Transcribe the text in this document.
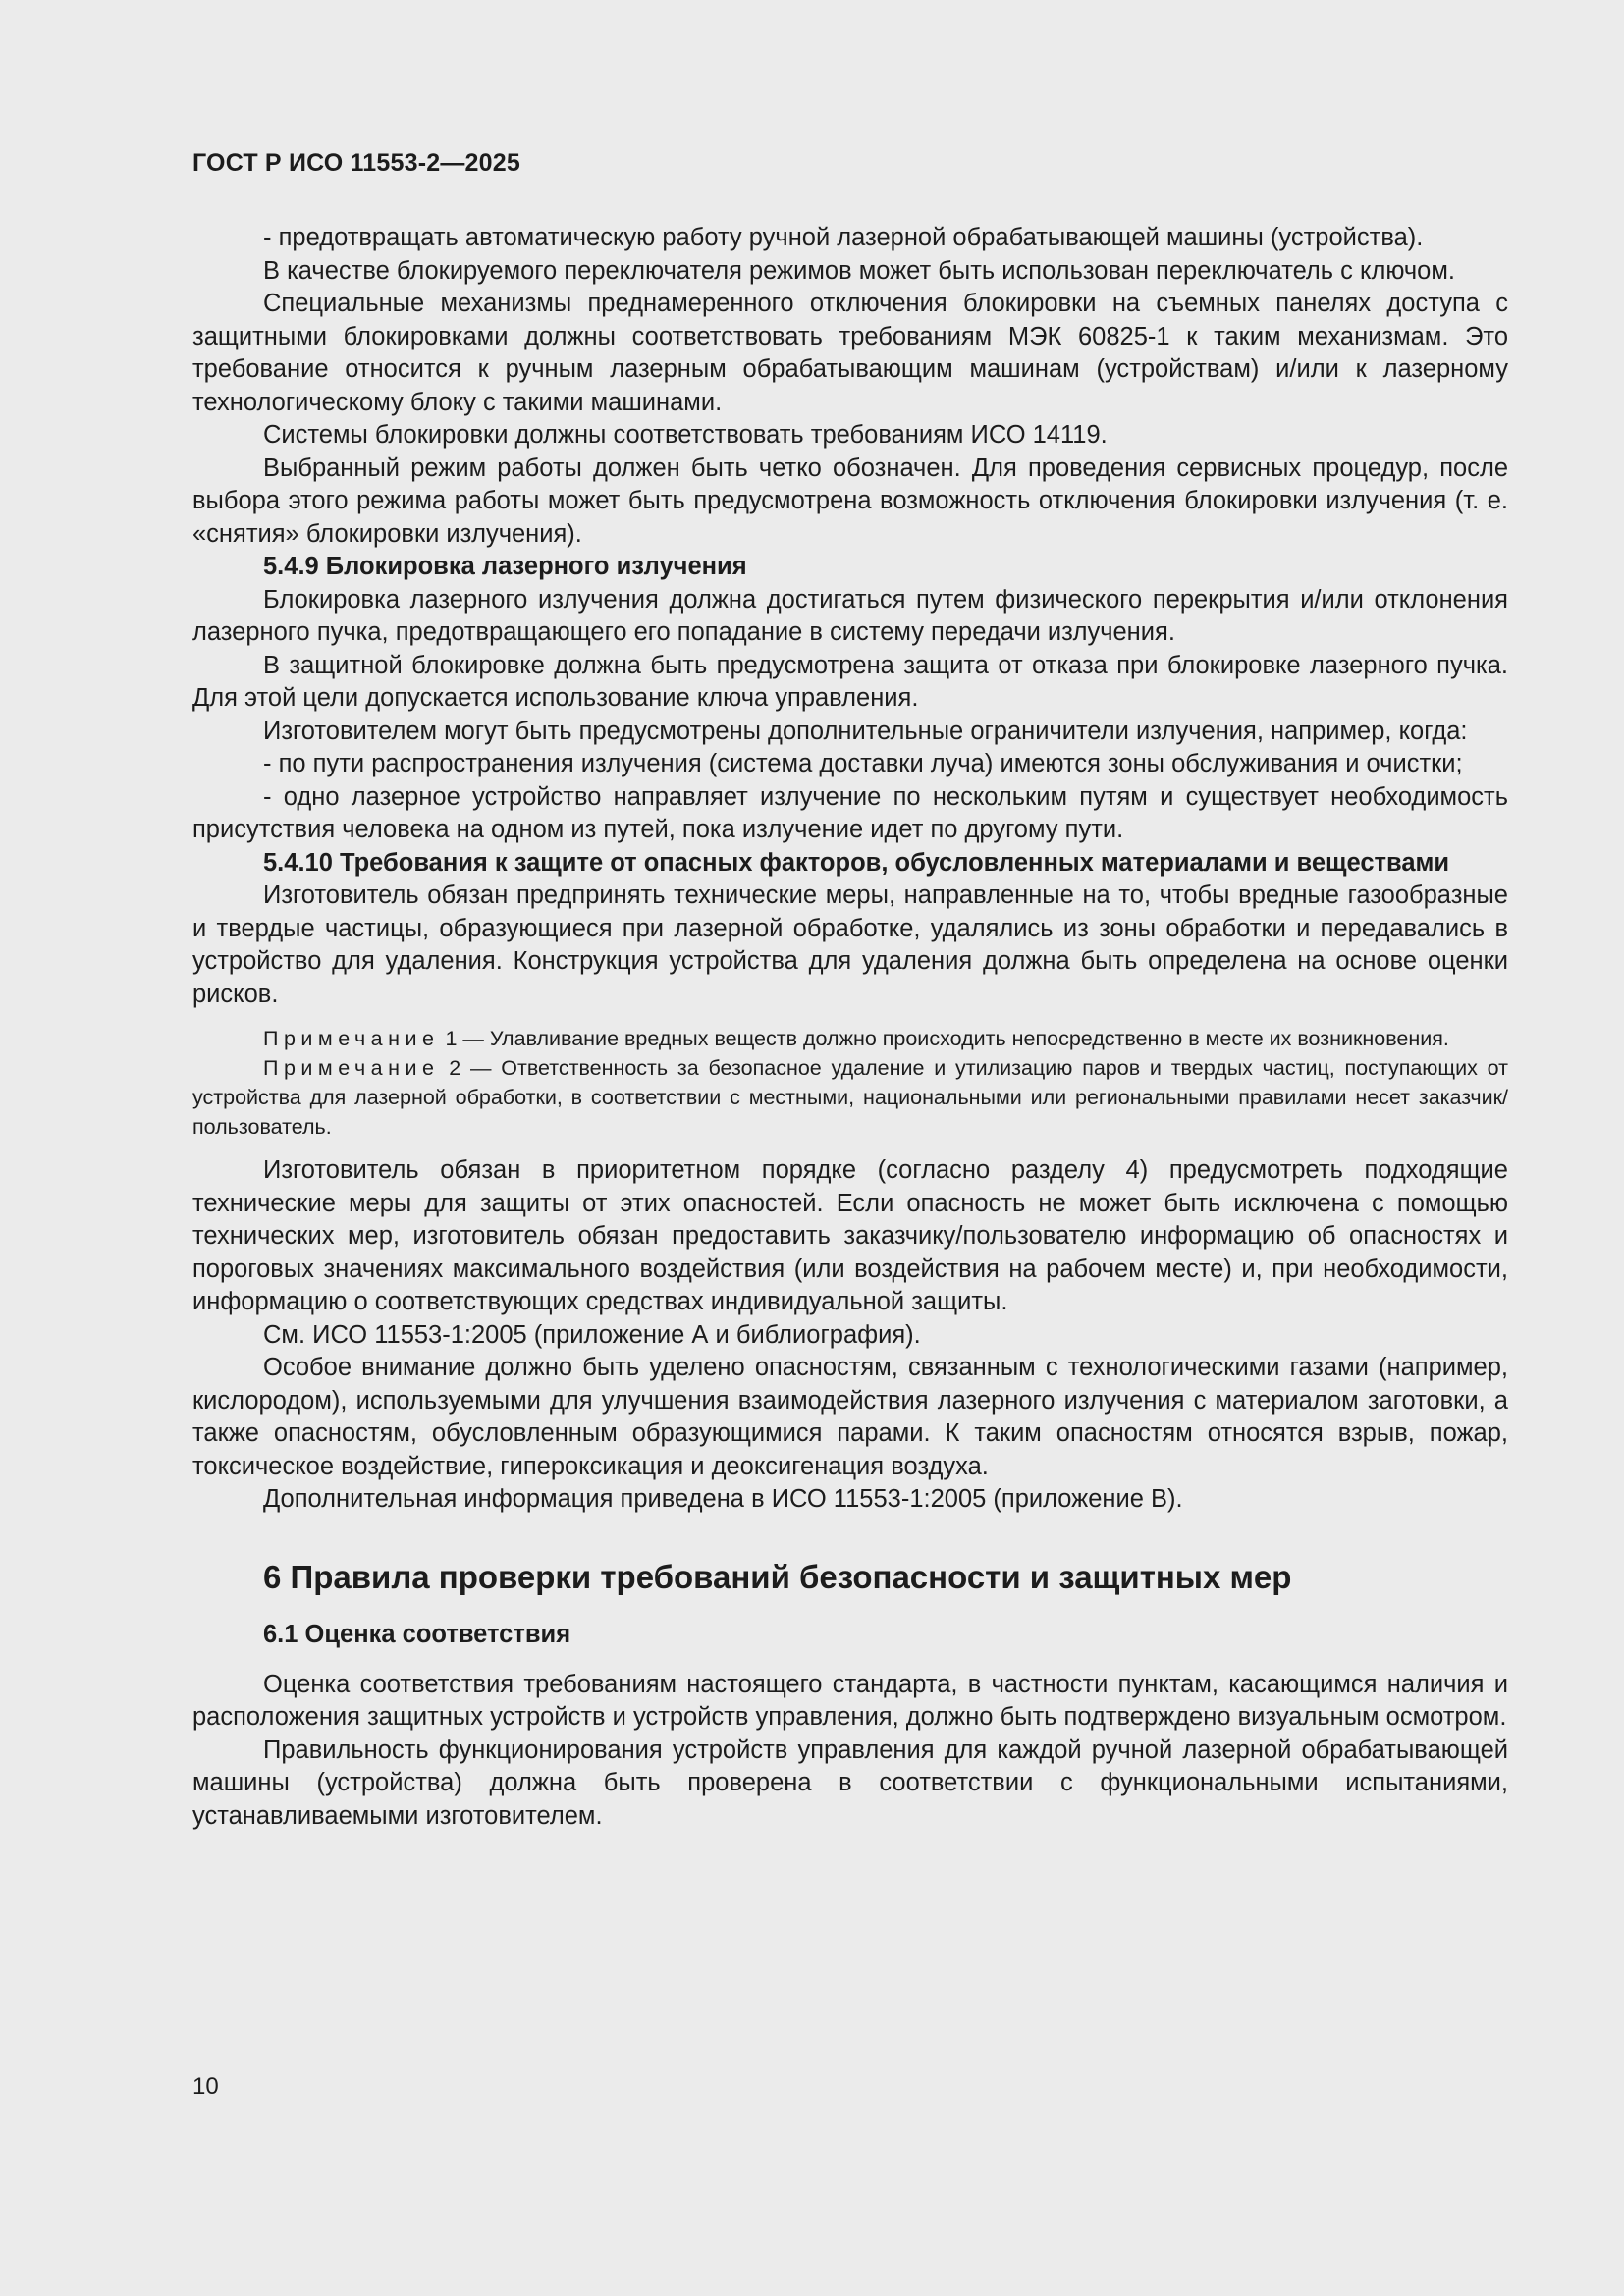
ГОСТ Р ИСО 11553-2—2025

- предотвращать автоматическую работу ручной лазерной обрабатывающей машины (устройства).

В качестве блокируемого переключателя режимов может быть использован переключатель с ключом.

Специальные механизмы преднамеренного отключения блокировки на съемных панелях доступа с защитными блокировками должны соответствовать требованиям МЭК 60825-1 к таким механизмам. Это требование относится к ручным лазерным обрабатывающим машинам (устройствам) и/или к лазерному технологическому блоку с такими машинами.

Системы блокировки должны соответствовать требованиям ИСО 14119.

Выбранный режим работы должен быть четко обозначен. Для проведения сервисных процедур, после выбора этого режима работы может быть предусмотрена возможность отключения блокировки излучения (т. е. «снятия» блокировки излучения).

5.4.9 Блокировка лазерного излучения

Блокировка лазерного излучения должна достигаться путем физического перекрытия и/или отклонения лазерного пучка, предотвращающего его попадание в систему передачи излучения.

В защитной блокировке должна быть предусмотрена защита от отказа при блокировке лазерного пучка. Для этой цели допускается использование ключа управления.

Изготовителем могут быть предусмотрены дополнительные ограничители излучения, например, когда:

- по пути распространения излучения (система доставки луча) имеются зоны обслуживания и очистки;

- одно лазерное устройство направляет излучение по нескольким путям и существует необходимость присутствия человека на одном из путей, пока излучение идет по другому пути.

5.4.10 Требования к защите от опасных факторов, обусловленных материалами и веществами

Изготовитель обязан предпринять технические меры, направленные на то, чтобы вредные газообразные и твердые частицы, образующиеся при лазерной обработке, удалялись из зоны обработки и передавались в устройство для удаления. Конструкция устройства для удаления должна быть определена на основе оценки рисков.

Примечание 1 — Улавливание вредных веществ должно происходить непосредственно в месте их возникновения.

Примечание 2 — Ответственность за безопасное удаление и утилизацию паров и твердых частиц, поступающих от устройства для лазерной обработки, в соответствии с местными, национальными или региональными правилами несет заказчик/пользователь.

Изготовитель обязан в приоритетном порядке (согласно разделу 4) предусмотреть подходящие технические меры для защиты от этих опасностей. Если опасность не может быть исключена с помощью технических мер, изготовитель обязан предоставить заказчику/пользователю информацию об опасностях и пороговых значениях максимального воздействия (или воздействия на рабочем месте) и, при необходимости, информацию о соответствующих средствах индивидуальной защиты.

См. ИСО 11553-1:2005 (приложение А и библиография).

Особое внимание должно быть уделено опасностям, связанным с технологическими газами (например, кислородом), используемыми для улучшения взаимодействия лазерного излучения с материалом заготовки, а также опасностям, обусловленным образующимися парами. К таким опасностям относятся взрыв, пожар, токсическое воздействие, гипероксикация и деоксигенация воздуха.

Дополнительная информация приведена в ИСО 11553-1:2005 (приложение В).

6 Правила проверки требований безопасности и защитных мер
6.1 Оценка соответствия

Оценка соответствия требованиям настоящего стандарта, в частности пунктам, касающимся наличия и расположения защитных устройств и устройств управления, должно быть подтверждено визуальным осмотром.

Правильность функционирования устройств управления для каждой ручной лазерной обрабатывающей машины (устройства) должна быть проверена в соответствии с функциональными испытаниями, устанавливаемыми изготовителем.

10
